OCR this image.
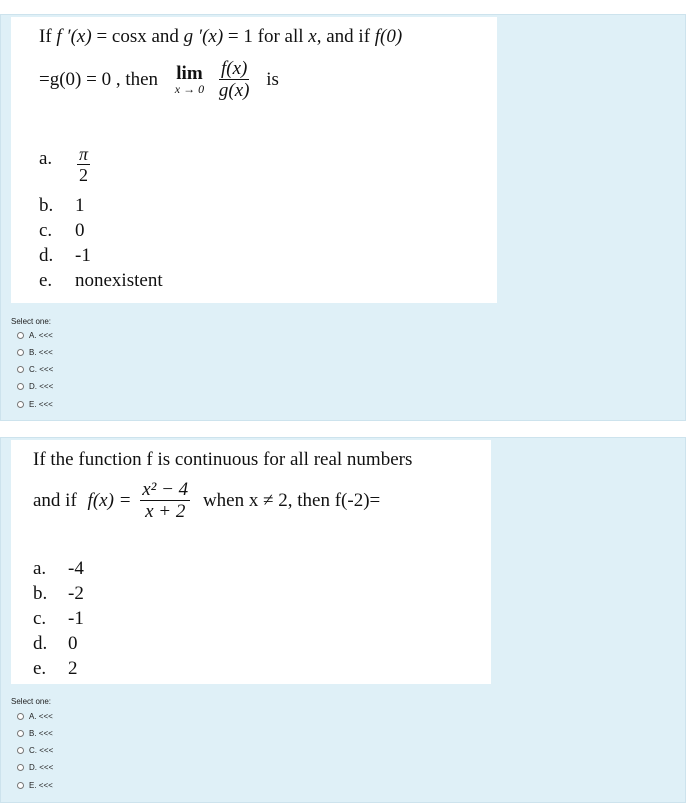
If f ′(x) = cosx and g ′(x) = 1 for all x, and if f(0)
=g(0) = 0 , then lim
x → 0
$\frac{f(x)}{g(x)}$ is
a. $\frac{\pi}{2}$
b. 1
c. 0
d. -1
e. nonexistent
Select one:
A. <<<
B. <<<
C. <<<
D. <<<
E. <<<
If the function f is continuous for all real numbers
and if $f(x) = \frac{\text{x² − 4}}{x + 2}$ when x ≠ 2, then f(-2)=
a. -4
b. -2
c. -1
d. 0
e. 2
Select one:
A. <<<
B. <<<
C. <<<
D. <<<
E. <<<
